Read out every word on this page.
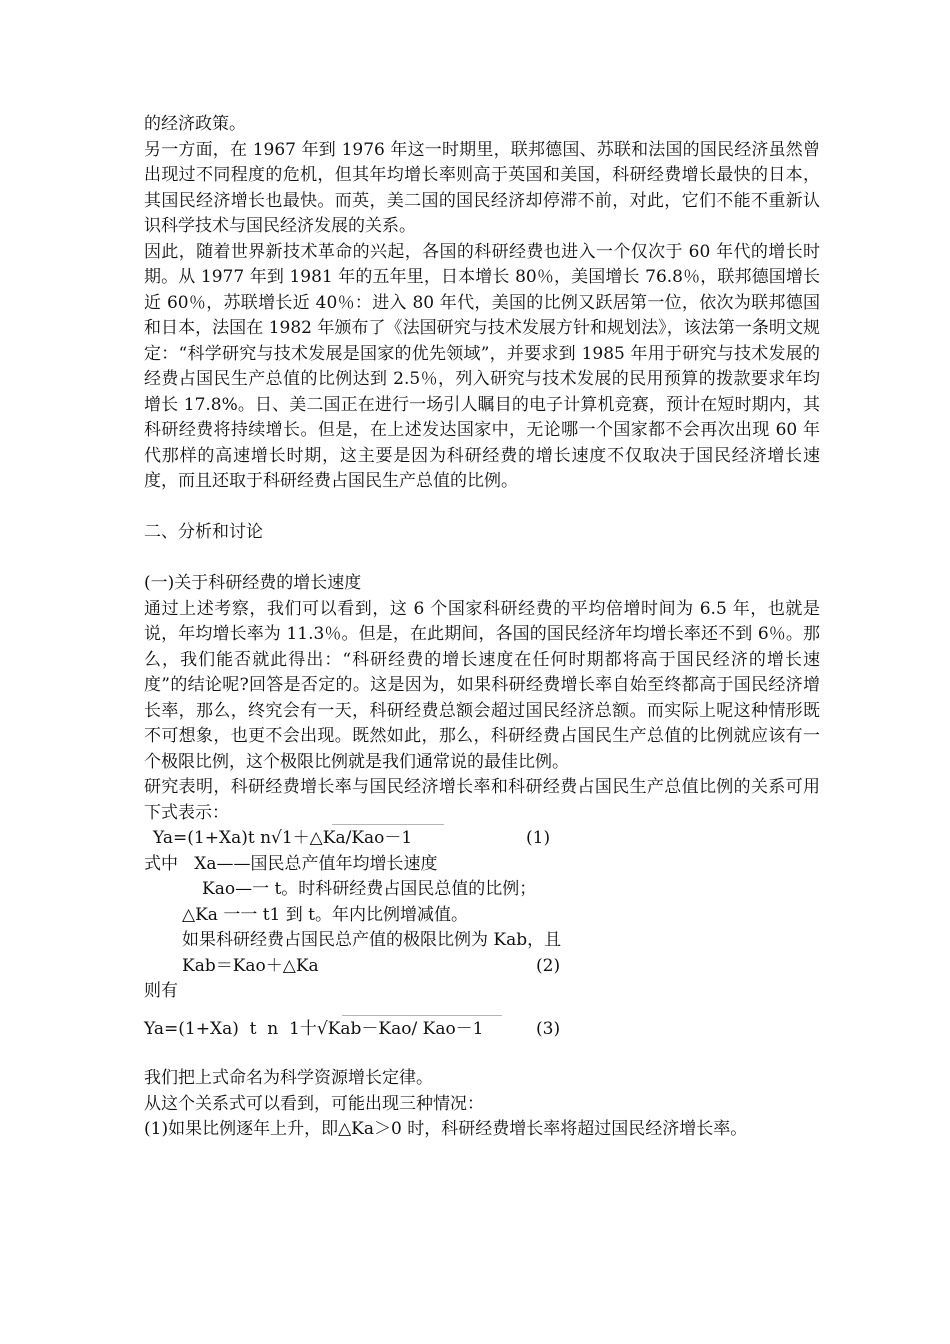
的经济政策。

另一方面，在 1967 年到 1976 年这一时期里，联邦德国、苏联和法国的国民经济虽然曾出现过不同程度的危机，但其年均增长率则高于英国和美国，科研经费增长最快的日本，其国民经济增长也最快。而英，美二国的国民经济却停滞不前，对此，它们不能不重新认识科学技术与国民经济发展的关系。

因此，随着世界新技术革命的兴起，各国的科研经费也进入一个仅次于 60 年代的增长时期。从 1977 年到 1981 年的五年里，日本增长 80％，美国增长 76.8％，联邦德国增长近 60％，苏联增长近 40％：进入 80 年代，美国的比例又跃居第一位，依次为联邦德国和日本，法国在 1982 年颁布了《法国研究与技术发展方针和规划法》，该法第一条明文规定：“科学研究与技术发展是国家的优先领域”，并要求到 1985 年用于研究与技术发展的经费占国民生产总值的比例达到 2.5％，列入研究与技术发展的民用预算的拨款要求年均增长 17.8%。日、美二国正在进行一场引人瞩目的电子计算机竞赛，预计在短时期内，其科研经费将持续增长。但是，在上述发达国家中，无论哪一个国家都不会再次出现 60 年代那样的高速增长时期，这主要是因为科研经费的增长速度不仅取决于国民经济增长速度，而且还取于科研经费占国民生产总值的比例。

二、分析和讨论

(一)关于科研经费的增长速度

通过上述考察，我们可以看到，这 6 个国家科研经费的平均倍增时间为 6.5 年，也就是说，年均增长率为 11.3％。但是，在此期间，各国的国民经济年均增长率还不到 6％。那么，我们能否就此得出：“科研经费的增长速度在任何时期都将高于国民经济的增长速度”的结论呢?回答是否定的。这是因为，如果科研经费增长率自始至终都高于国民经济增长率，那么，终究会有一天，科研经费总额会超过国民经济总额。而实际上呢这种情形既不可想象，也更不会出现。既然如此，那么，科研经费占国民生产总值的比例就应该有一个极限比例，这个极限比例就是我们通常说的最佳比例。

研究表明，科研经费增长率与国民经济增长率和科研经费占国民生产总值比例的关系可用下式表示：

Ya=(1+Xa)t n√1＋△Ka/Kao－1

	(1)

式中 Xa——国民总产值年均增长速度
Kao—一 t。时科研经费占国民总值的比例；
△Ka 一一 t1 到 t。年内比例增减值。
如果科研经费占国民总产值的极限比例为 Kab，且

Kab＝Kao＋△Ka

	(2)

则有

Ya=(1+Xa)  t  n  1十√Kab－Kao/ Kao－1

	(3)

我们把上式命名为科学资源增长定律。

从这个关系式可以看到，可能出现三种情况：

(1)如果比例逐年上升，即△Ka＞0 时，科研经费增长率将超过国民经济增长率。
